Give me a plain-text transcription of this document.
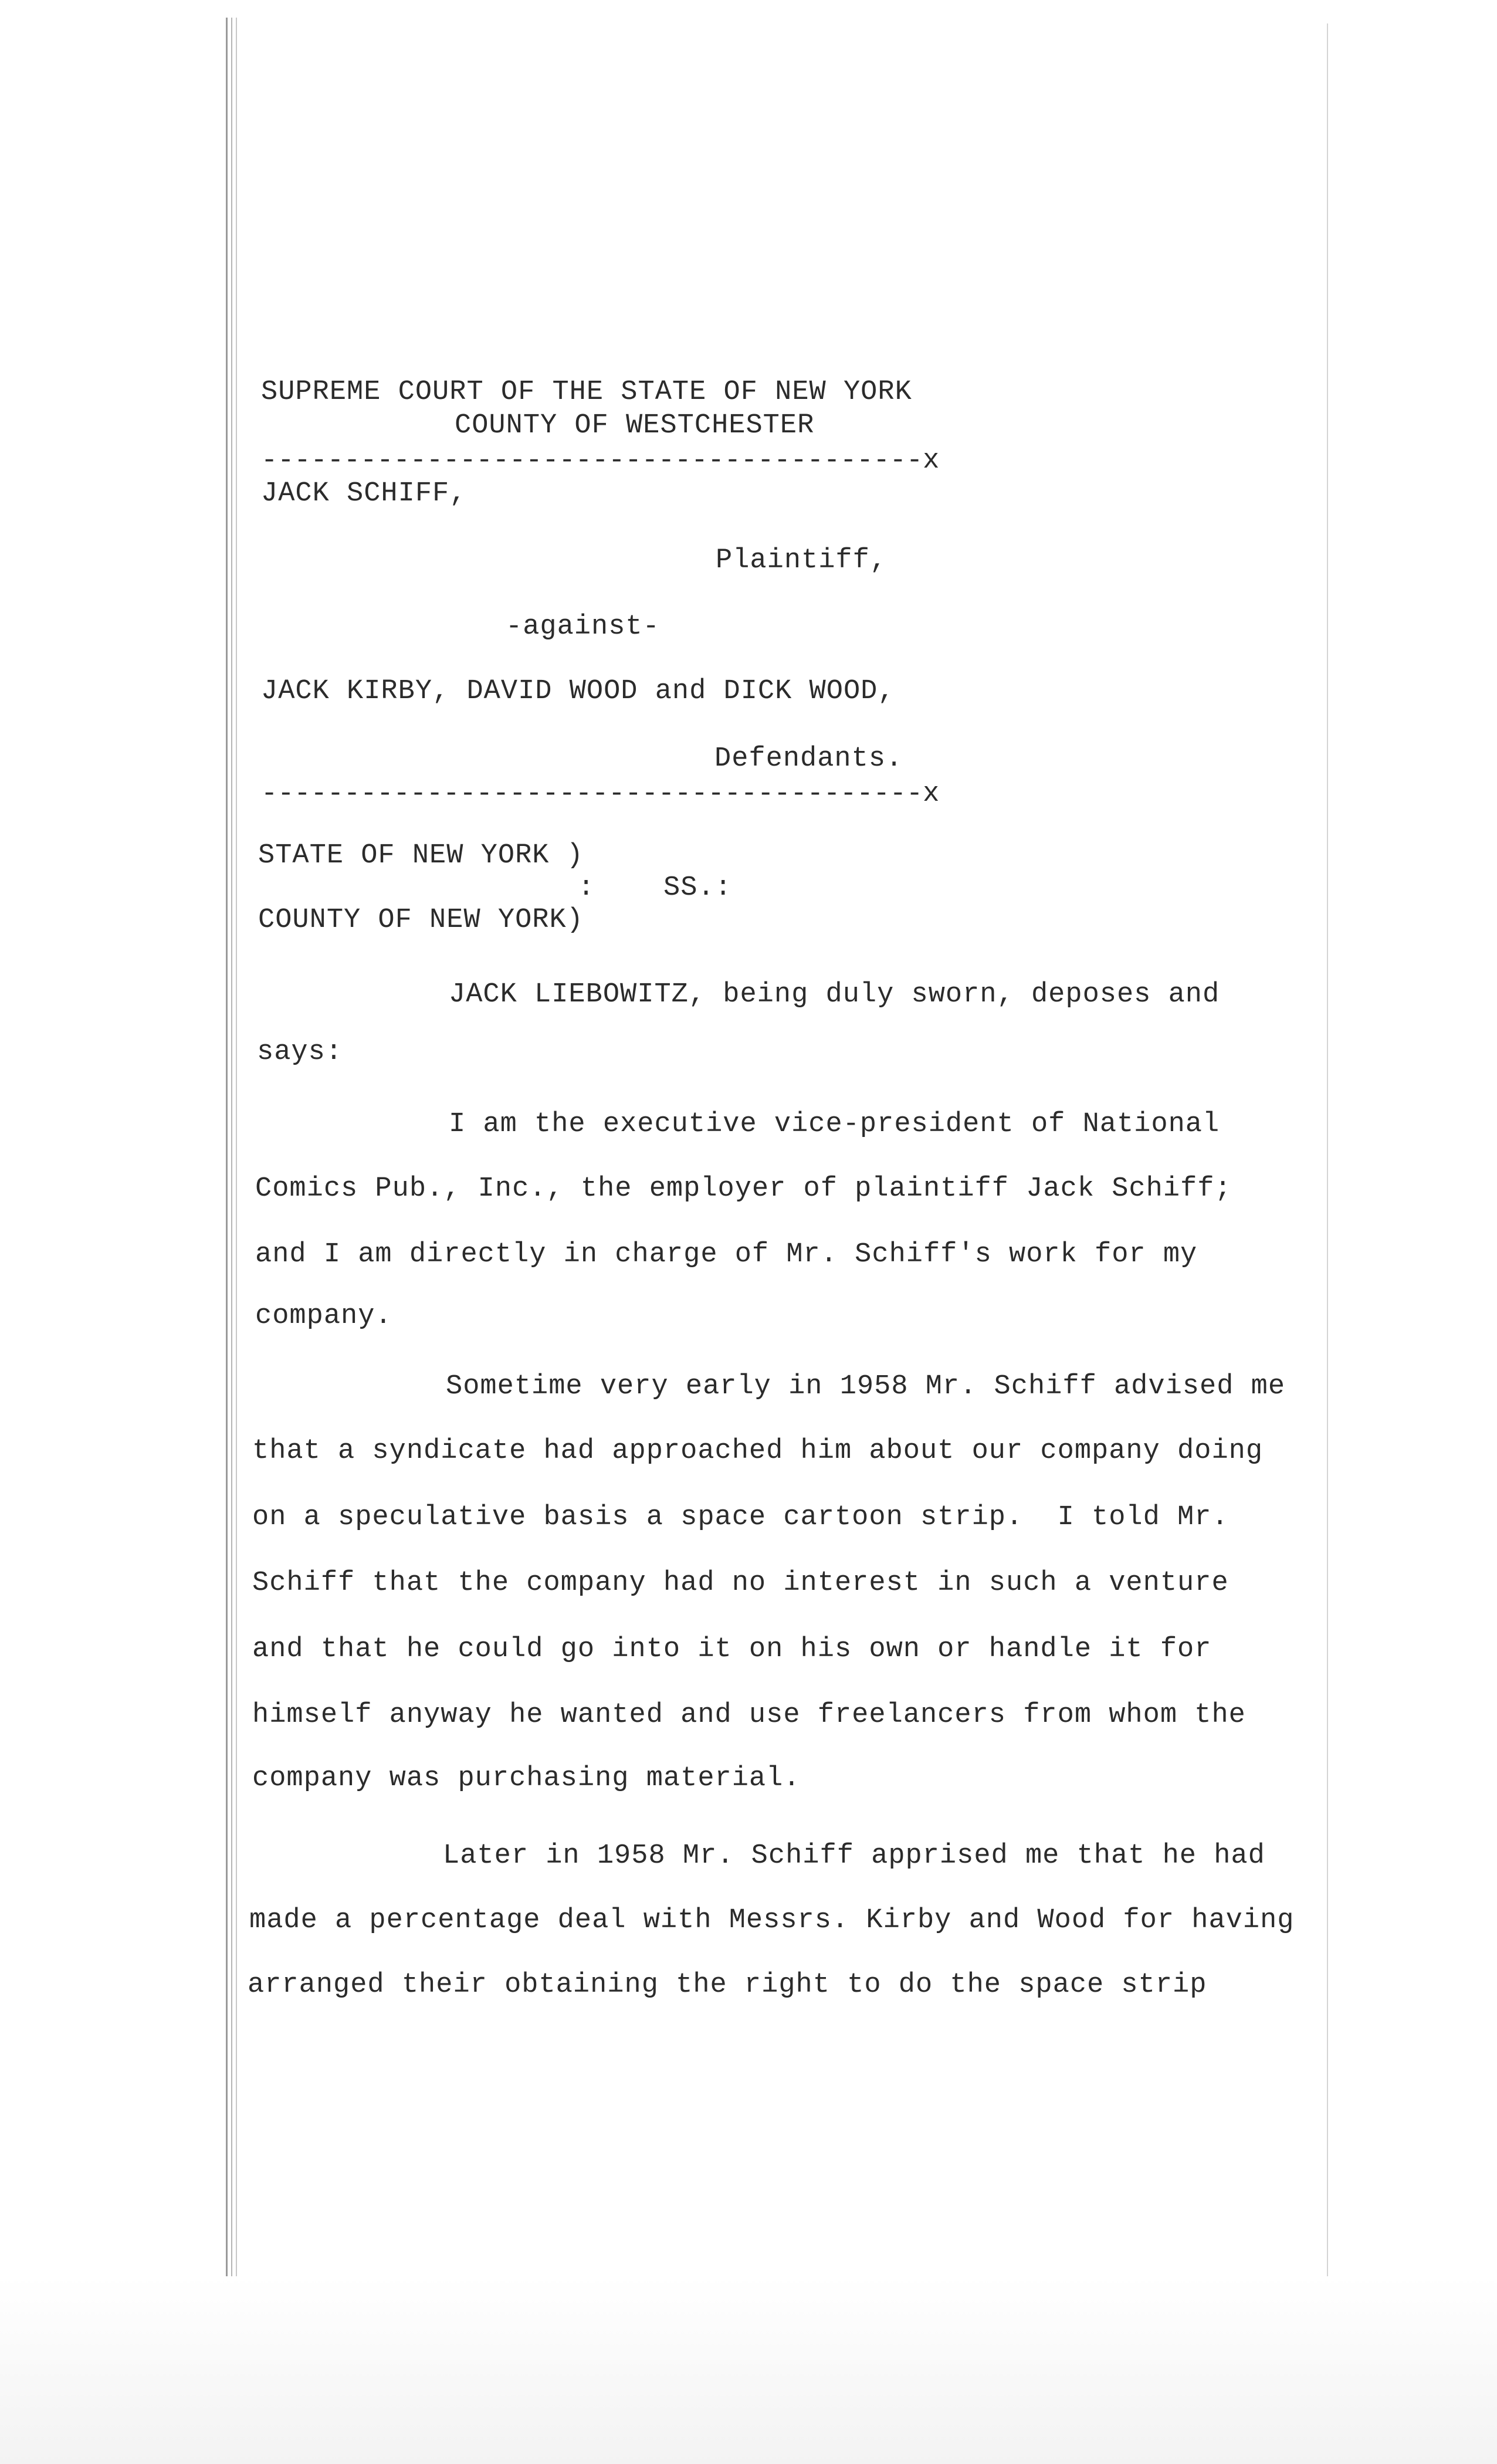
SUPREME COURT OF THE STATE OF NEW YORK
COUNTY OF WESTCHESTER
----------------------------------------x
JACK SCHIFF,
Plaintiff,
-against-
JACK KIRBY, DAVID WOOD and DICK WOOD,
Defendants.
----------------------------------------x
STATE OF NEW YORK )
:    SS.:
COUNTY OF NEW YORK)
JACK LIEBOWITZ, being duly sworn, deposes and
says:
I am the executive vice-president of National
Comics Pub., Inc., the employer of plaintiff Jack Schiff;
and I am directly in charge of Mr. Schiff's work for my
company.
Sometime very early in 1958 Mr. Schiff advised me
that a syndicate had approached him about our company doing
on a speculative basis a space cartoon strip.  I told Mr.
Schiff that the company had no interest in such a venture
and that he could go into it on his own or handle it for
himself anyway he wanted and use freelancers from whom the
company was purchasing material.
Later in 1958 Mr. Schiff apprised me that he had
made a percentage deal with Messrs. Kirby and Wood for having
arranged their obtaining the right to do the space strip
